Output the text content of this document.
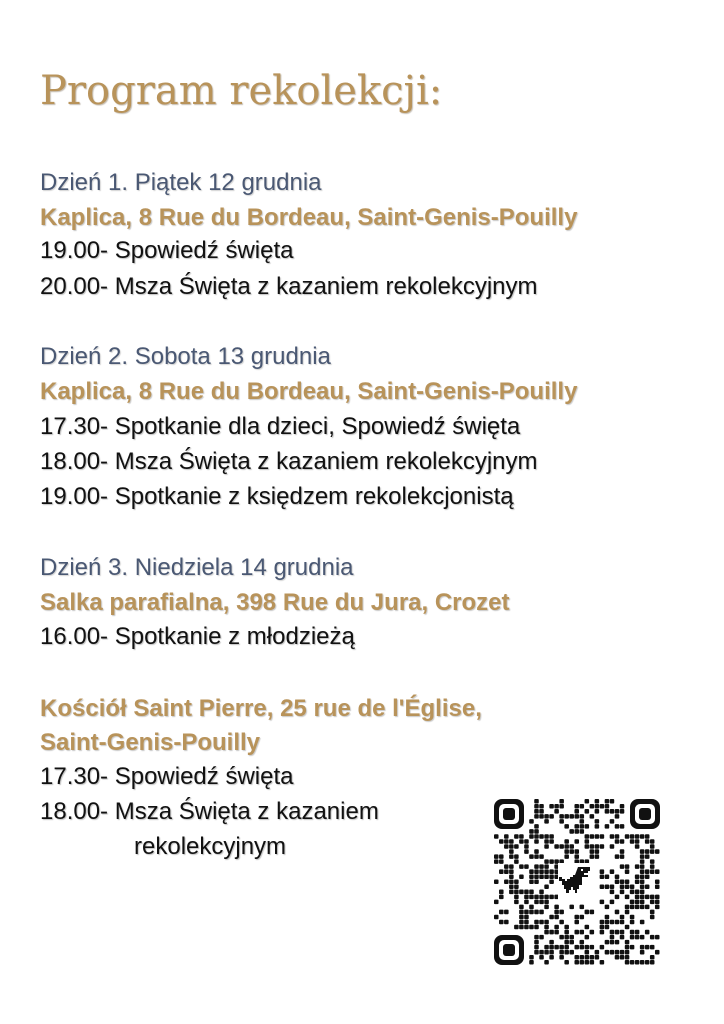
Program rekolekcji:
Dzień 1. Piątek 12 grudnia
Kaplica, 8 Rue du Bordeau, Saint-Genis-Pouilly
19.00- Spowiedź święta
20.00- Msza Święta z kazaniem rekolekcyjnym
Dzień 2. Sobota 13 grudnia
Kaplica, 8 Rue du Bordeau, Saint-Genis-Pouilly
17.30- Spotkanie dla dzieci, Spowiedź święta
18.00- Msza Święta z kazaniem rekolekcyjnym
19.00- Spotkanie z księdzem rekolekcjonistą
Dzień 3. Niedziela 14 grudnia
Salka parafialna, 398 Rue du Jura, Crozet
16.00- Spotkanie z młodzieżą
Kościół Saint Pierre, 25 rue de l'Église,
Saint-Genis-Pouilly
17.30- Spowiedź święta
18.00- Msza Święta z kazaniem
rekolekcyjnym
